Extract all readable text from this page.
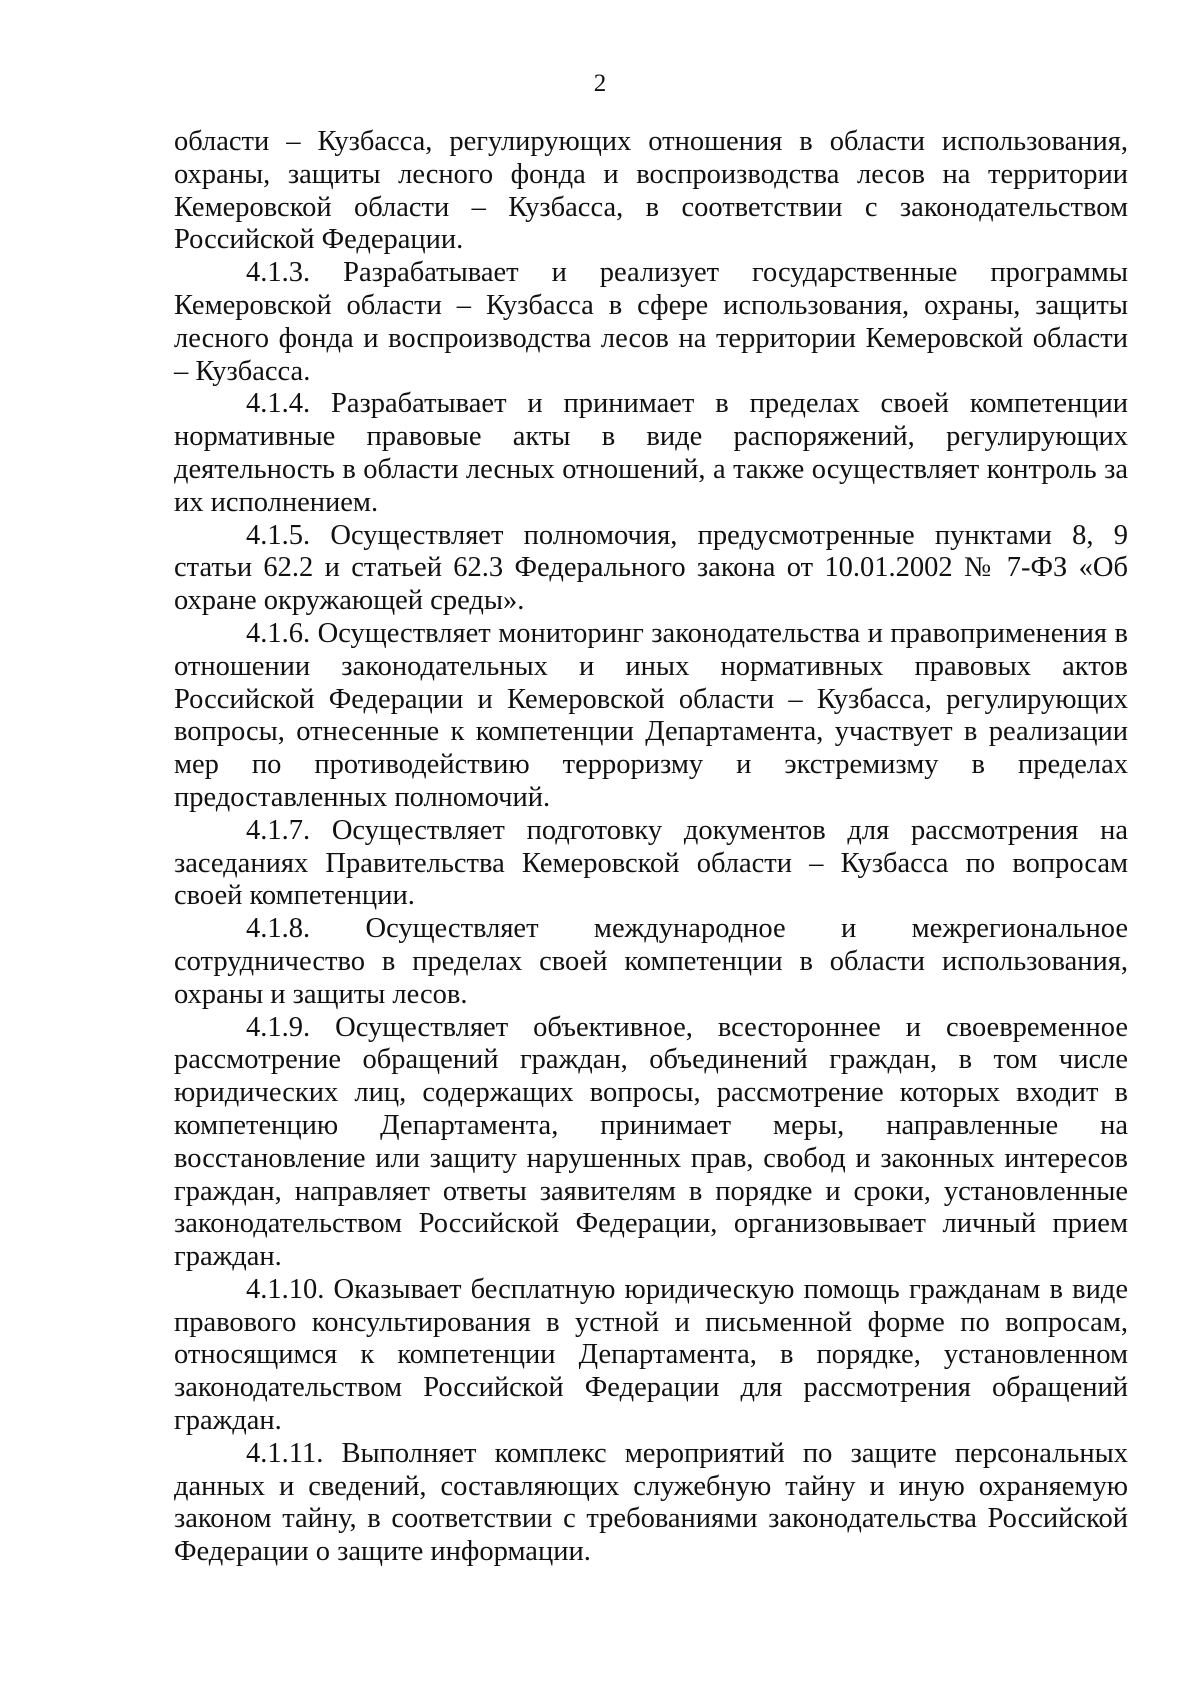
2

области – Кузбасса, регулирующих отношения в области использования, охраны, защиты лесного фонда и воспроизводства лесов на территории Кемеровской области – Кузбасса, в соответствии с законодательством Российской Федерации.

4.1.3. Разрабатывает и реализует государственные программы Кемеровской области – Кузбасса в сфере использования, охраны, защиты лесного фонда и воспроизводства лесов на территории Кемеровской области – Кузбасса.

4.1.4. Разрабатывает и принимает в пределах своей компетенции нормативные правовые акты в виде распоряжений, регулирующих деятельность в области лесных отношений, а также осуществляет контроль за их исполнением.

4.1.5. Осуществляет полномочия, предусмотренные пунктами 8, 9 статьи 62.2 и статьей 62.3 Федерального закона от 10.01.2002 № 7-ФЗ «Об охране окружающей среды».

4.1.6. Осуществляет мониторинг законодательства и правоприменения в отношении законодательных и иных нормативных правовых актов Российской Федерации и Кемеровской области – Кузбасса, регулирующих вопросы, отнесенные к компетенции Департамента, участвует в реализации мер по противодействию терроризму и экстремизму в пределах предоставленных полномочий.

4.1.7. Осуществляет подготовку документов для рассмотрения на заседаниях Правительства Кемеровской области – Кузбасса по вопросам своей компетенции.

4.1.8. Осуществляет международное и межрегиональное сотрудничество в пределах своей компетенции в области использования, охраны и защиты лесов.

4.1.9. Осуществляет объективное, всестороннее и своевременное рассмотрение обращений граждан, объединений граждан, в том числе юридических лиц, содержащих вопросы, рассмотрение которых входит в компетенцию Департамента, принимает меры, направленные на восстановление или защиту нарушенных прав, свобод и законных интересов граждан, направляет ответы заявителям в порядке и сроки, установленные законодательством Российской Федерации, организовывает личный прием граждан.

4.1.10. Оказывает бесплатную юридическую помощь гражданам в виде правового консультирования в устной и письменной форме по вопросам, относящимся к компетенции Департамента, в порядке, установленном законодательством Российской Федерации для рассмотрения обращений граждан.

4.1.11. Выполняет комплекс мероприятий по защите персональных данных и сведений, составляющих служебную тайну и иную охраняемую законом тайну, в соответствии с требованиями законодательства Российской Федерации о защите информации.
